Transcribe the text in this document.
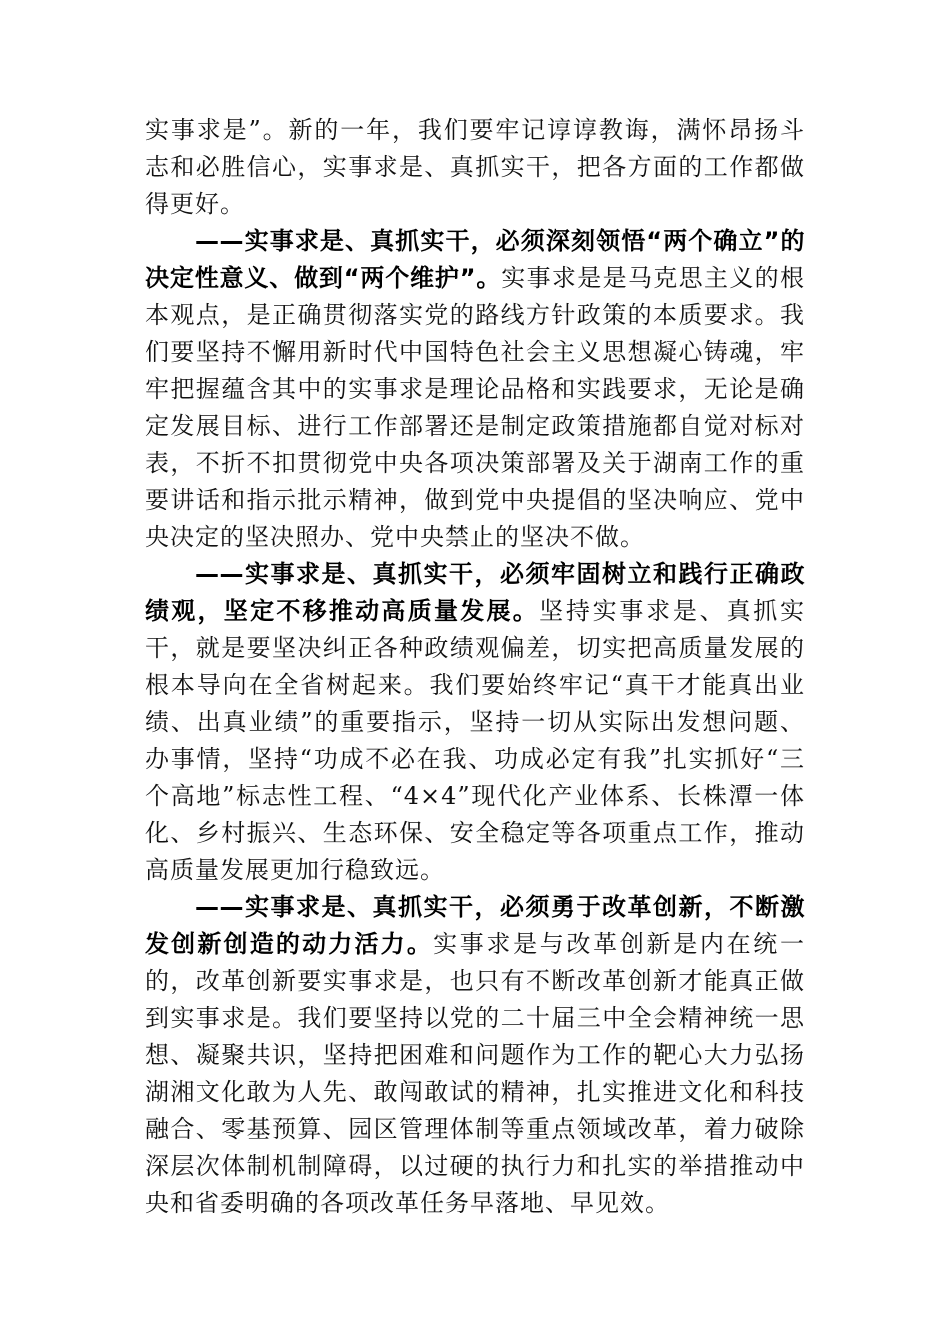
实事求是”。新的一年，我们要牢记谆谆教诲，满怀昂扬斗志和必胜信心，实事求是、真抓实干，把各方面的工作都做得更好。

——实事求是、真抓实干，必须深刻领悟“两个确立”的决定性意义、做到“两个维护”。实事求是是马克思主义的根本观点，是正确贯彻落实党的路线方针政策的本质要求。我们要坚持不懈用新时代中国特色社会主义思想凝心铸魂，牢牢把握蕴含其中的实事求是理论品格和实践要求，无论是确定发展目标、进行工作部署还是制定政策措施都自觉对标对表，不折不扣贯彻党中央各项决策部署及关于湖南工作的重要讲话和指示批示精神，做到党中央提倡的坚决响应、党中央决定的坚决照办、党中央禁止的坚决不做。

——实事求是、真抓实干，必须牢固树立和践行正确政绩观，坚定不移推动高质量发展。坚持实事求是、真抓实干，就是要坚决纠正各种政绩观偏差，切实把高质量发展的根本导向在全省树起来。我们要始终牢记“真干才能真出业绩、出真业绩”的重要指示，坚持一切从实际出发想问题、办事情，坚持“功成不必在我、功成必定有我”扎实抓好“三个高地”标志性工程、“4×4”现代化产业体系、长株潭一体化、乡村振兴、生态环保、安全稳定等各项重点工作，推动高质量发展更加行稳致远。

——实事求是、真抓实干，必须勇于改革创新，不断激发创新创造的动力活力。实事求是与改革创新是内在统一的，改革创新要实事求是，也只有不断改革创新才能真正做到实事求是。我们要坚持以党的二十届三中全会精神统一思想、凝聚共识，坚持把困难和问题作为工作的靶心大力弘扬湖湘文化敢为人先、敢闯敢试的精神，扎实推进文化和科技融合、零基预算、园区管理体制等重点领域改革，着力破除深层次体制机制障碍，以过硬的执行力和扎实的举措推动中央和省委明确的各项改革任务早落地、早见效。
